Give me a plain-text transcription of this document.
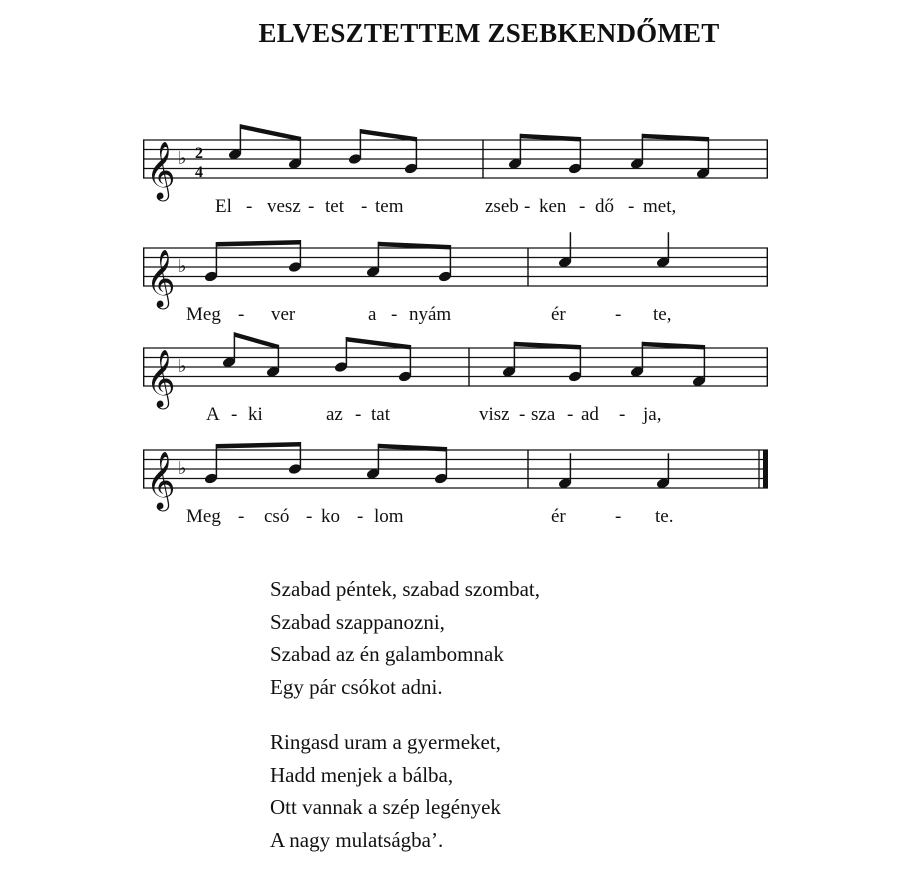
ELVESZTETTEM ZSEBKENDŐMET
𝄞 ♭ 2
4
El - vesz - tet - tem	zseb - ken - dő - met,
𝄞 ♭
Meg - ver	a - nyám	ér	- te,
𝄞 ♭
A - ki	az - tat	visz - sza - ad - ja,
𝄞 ♭
Meg - csó - ko - lom	ér	- te.
Szabad péntek, szabad szombat,
Szabad szappanozni,
Szabad az én galambomnak
Egy pár csókot adni.
Ringasd uram a gyermeket,
Hadd menjek a bálba,
Ott vannak a szép legények
A nagy mulatságba’.
